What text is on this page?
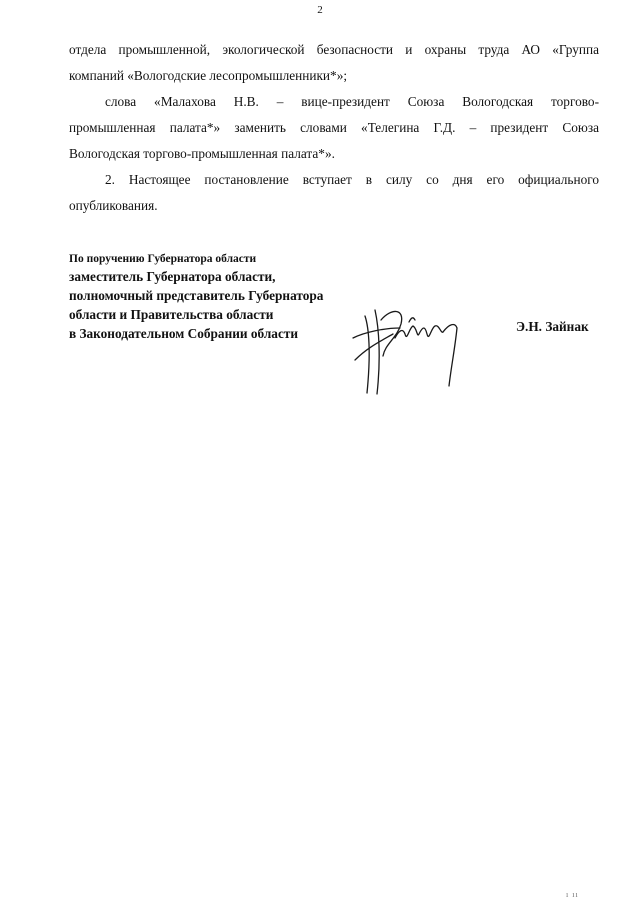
2

отдела промышленной, экологической безопасности и охраны труда АО «Группа
компаний «Вологодские лесопромышленники*»;

слова «Малахова Н.В. – вице-президент Союза Вологодская торгово-
промышленная палата*» заменить словами «Телегина Г.Д. – президент Союза
Вологодская торгово-промышленная палата*».

2. Настоящее постановление вступает в силу со дня его официального
опубликования.

По поручению Губернатора области
заместитель Губернатора области,
полномочный представитель Губернатора
области и Правительства области
в Законодательном Собрании области	Э.Н. Зайнак
ı ıı
